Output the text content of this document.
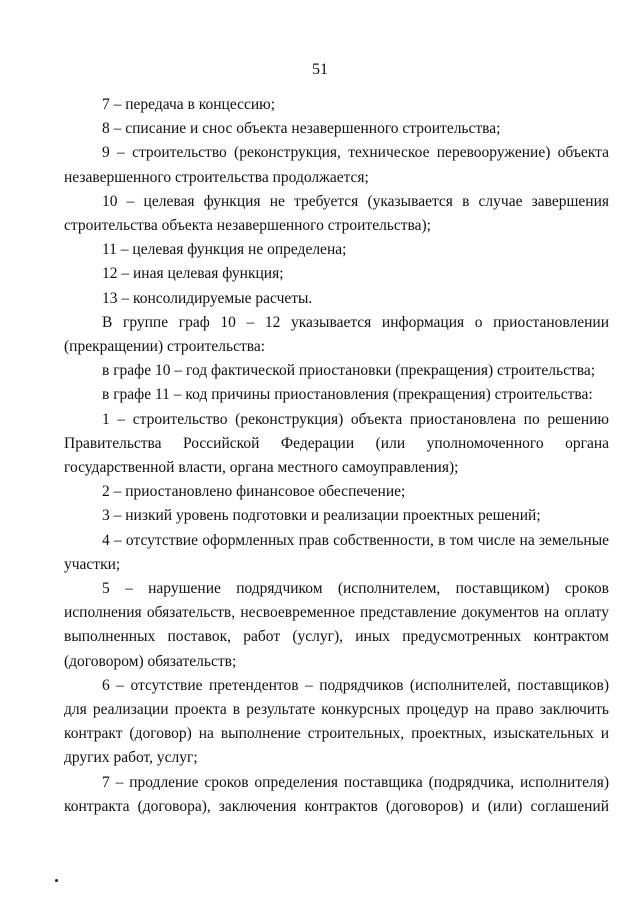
51

7 – передача в концессию;

8 – списание и снос объекта незавершенного строительства;

9 – строительство (реконструкция, техническое перевооружение) объекта незавершенного строительства продолжается;

10 – целевая функция не требуется (указывается в случае завершения строительства объекта незавершенного строительства);

11 – целевая функция не определена;

12 – иная целевая функция;

13 – консолидируемые расчеты.

В группе граф 10 – 12 указывается информация о приостановлении (прекращении) строительства:

в графе 10 – год фактической приостановки (прекращения) строительства;

в графе 11 – код причины приостановления (прекращения) строительства:

1 – строительство (реконструкция) объекта приостановлена по решению Правительства Российской Федерации (или уполномоченного органа государственной власти, органа местного самоуправления);

2 – приостановлено финансовое обеспечение;

3 – низкий уровень подготовки и реализации проектных решений;

4 – отсутствие оформленных прав собственности, в том числе на земельные участки;

5 – нарушение подрядчиком (исполнителем, поставщиком) сроков исполнения обязательств, несвоевременное представление документов на оплату выполненных поставок, работ (услуг), иных предусмотренных контрактом (договором) обязательств;

6 – отсутствие претендентов – подрядчиков (исполнителей, поставщиков) для реализации проекта в результате конкурсных процедур на право заключить контракт (договор) на выполнение строительных, проектных, изыскательных и других работ, услуг;

7 – продление сроков определения поставщика (подрядчика, исполнителя) контракта (договора), заключения контрактов (договоров) и (или) соглашений
